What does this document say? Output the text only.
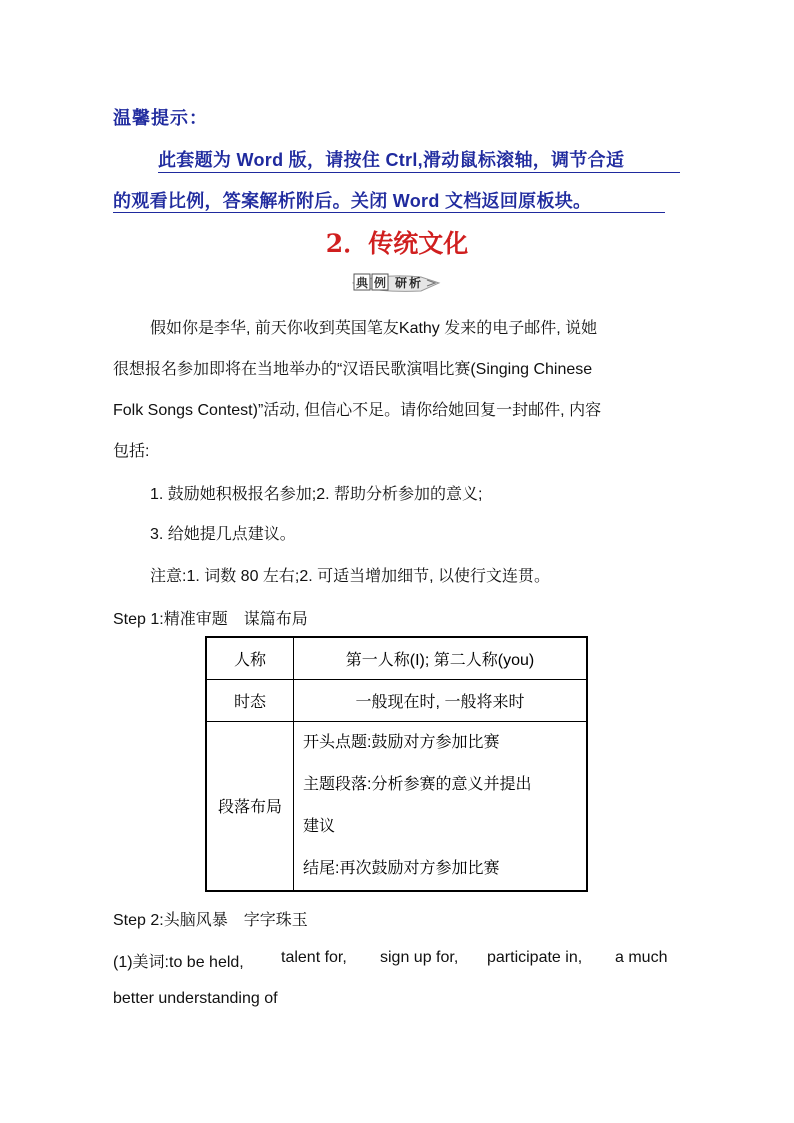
温馨提示：
此套题为 Word 版，请按住 Ctrl,滑动鼠标滚轴，调节合适
的观看比例，答案解析附后。关闭 Word 文档返回原板块。
2．传统文化
典 例 研 析
假如你是李华, 前天你收到英国笔友Kathy 发来的电子邮件, 说她
很想报名参加即将在当地举办的“汉语民歌演唱比赛(Singing Chinese
Folk Songs Contest)”活动, 但信心不足。请你给她回复一封邮件, 内容
包括:
1. 鼓励她积极报名参加;2. 帮助分析参加的意义;
3. 给她提几点建议。
注意:1. 词数 80 左右;2. 可适当增加细节, 以使行文连贯。
Step 1:精准审题　谋篇布局
人称	第一人称(I); 第二人称(you)
时态	一般现在时, 一般将来时
段落布局	开头点题:鼓励对方参加比赛
主题段落:分析参赛的意义并提出
建议
结尾:再次鼓励对方参加比赛
Step 2:头脑风暴　字字珠玉
(1)美词:to be held, talent for, sign up for, participate in, a much
better understanding of
